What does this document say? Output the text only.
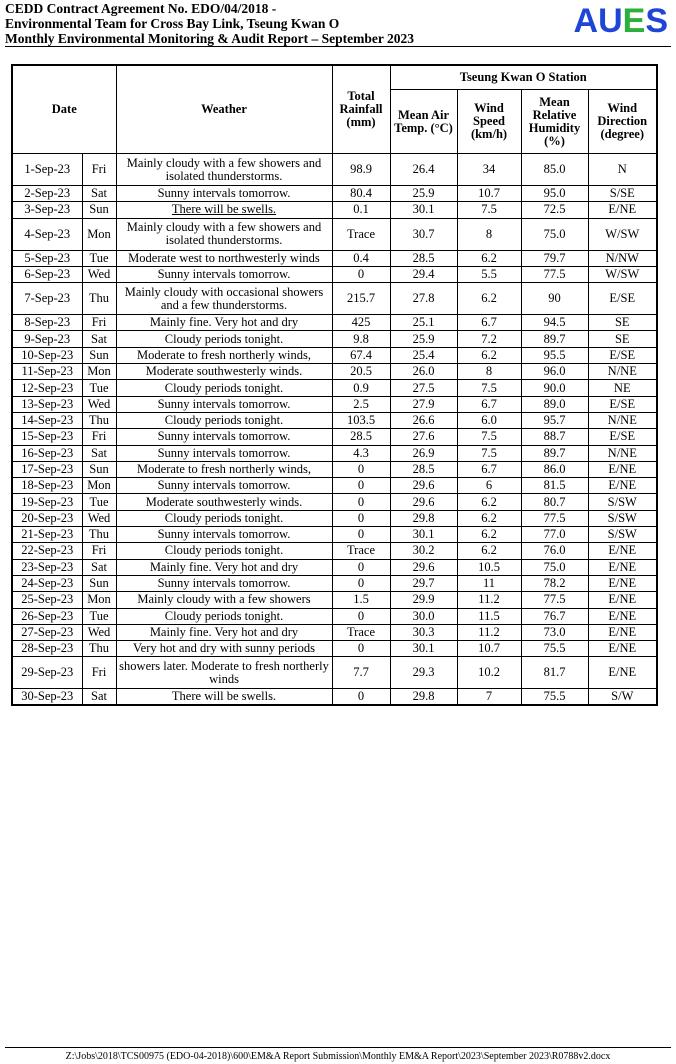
CEDD Contract Agreement No. EDO/04/2018 -
Environmental Team for Cross Bay Link, Tseung Kwan O
Monthly Environmental Monitoring & Audit Report – September 2023	AUES
Date		Weather	Total Rainfall (mm)	Tseung Kwan O Station			
				Mean Air Temp. (°C)	Wind Speed (km/h)	Mean Relative Humidity (%)	Wind Direction (degree)
1-Sep-23	Fri	Mainly cloudy with a few showers and isolated thunderstorms.	98.9	26.4	34	85.0	N
2-Sep-23	Sat	Sunny intervals tomorrow.	80.4	25.9	10.7	95.0	S/SE
3-Sep-23	Sun	There will be swells.	0.1	30.1	7.5	72.5	E/NE
4-Sep-23	Mon	Mainly cloudy with a few showers and isolated thunderstorms.	Trace	30.7	8	75.0	W/SW
5-Sep-23	Tue	Moderate west to northwesterly winds	0.4	28.5	6.2	79.7	N/NW
6-Sep-23	Wed	Sunny intervals tomorrow.	0	29.4	5.5	77.5	W/SW
7-Sep-23	Thu	Mainly cloudy with occasional showers and a few thunderstorms.	215.7	27.8	6.2	90	E/SE
8-Sep-23	Fri	Mainly fine. Very hot and dry	425	25.1	6.7	94.5	SE
9-Sep-23	Sat	Cloudy periods tonight.	9.8	25.9	7.2	89.7	SE
10-Sep-23	Sun	Moderate to fresh northerly winds,	67.4	25.4	6.2	95.5	E/SE
11-Sep-23	Mon	Moderate southwesterly winds.	20.5	26.0	8	96.0	N/NE
12-Sep-23	Tue	Cloudy periods tonight.	0.9	27.5	7.5	90.0	NE
13-Sep-23	Wed	Sunny intervals tomorrow.	2.5	27.9	6.7	89.0	E/SE
14-Sep-23	Thu	Cloudy periods tonight.	103.5	26.6	6.0	95.7	N/NE
15-Sep-23	Fri	Sunny intervals tomorrow.	28.5	27.6	7.5	88.7	E/SE
16-Sep-23	Sat	Sunny intervals tomorrow.	4.3	26.9	7.5	89.7	N/NE
17-Sep-23	Sun	Moderate to fresh northerly winds,	0	28.5	6.7	86.0	E/NE
18-Sep-23	Mon	Sunny intervals tomorrow.	0	29.6	6	81.5	E/NE
19-Sep-23	Tue	Moderate southwesterly winds.	0	29.6	6.2	80.7	S/SW
20-Sep-23	Wed	Cloudy periods tonight.	0	29.8	6.2	77.5	S/SW
21-Sep-23	Thu	Sunny intervals tomorrow.	0	30.1	6.2	77.0	S/SW
22-Sep-23	Fri	Cloudy periods tonight.	Trace	30.2	6.2	76.0	E/NE
23-Sep-23	Sat	Mainly fine. Very hot and dry	0	29.6	10.5	75.0	E/NE
24-Sep-23	Sun	Sunny intervals tomorrow.	0	29.7	11	78.2	E/NE
25-Sep-23	Mon	Mainly cloudy with a few showers	1.5	29.9	11.2	77.5	E/NE
26-Sep-23	Tue	Cloudy periods tonight.	0	30.0	11.5	76.7	E/NE
27-Sep-23	Wed	Mainly fine. Very hot and dry	Trace	30.3	11.2	73.0	E/NE
28-Sep-23	Thu	Very hot and dry with sunny periods	0	30.1	10.7	75.5	E/NE
29-Sep-23	Fri	showers later. Moderate to fresh northerly winds	7.7	29.3	10.2	81.7	E/NE
30-Sep-23	Sat	There will be swells.	0	29.8	7	75.5	S/W
Z:\Jobs\2018\TCS00975 (EDO-04-2018)\600\EM&A Report Submission\Monthly EM&A Report\2023\September 2023\R0788v2.docx
